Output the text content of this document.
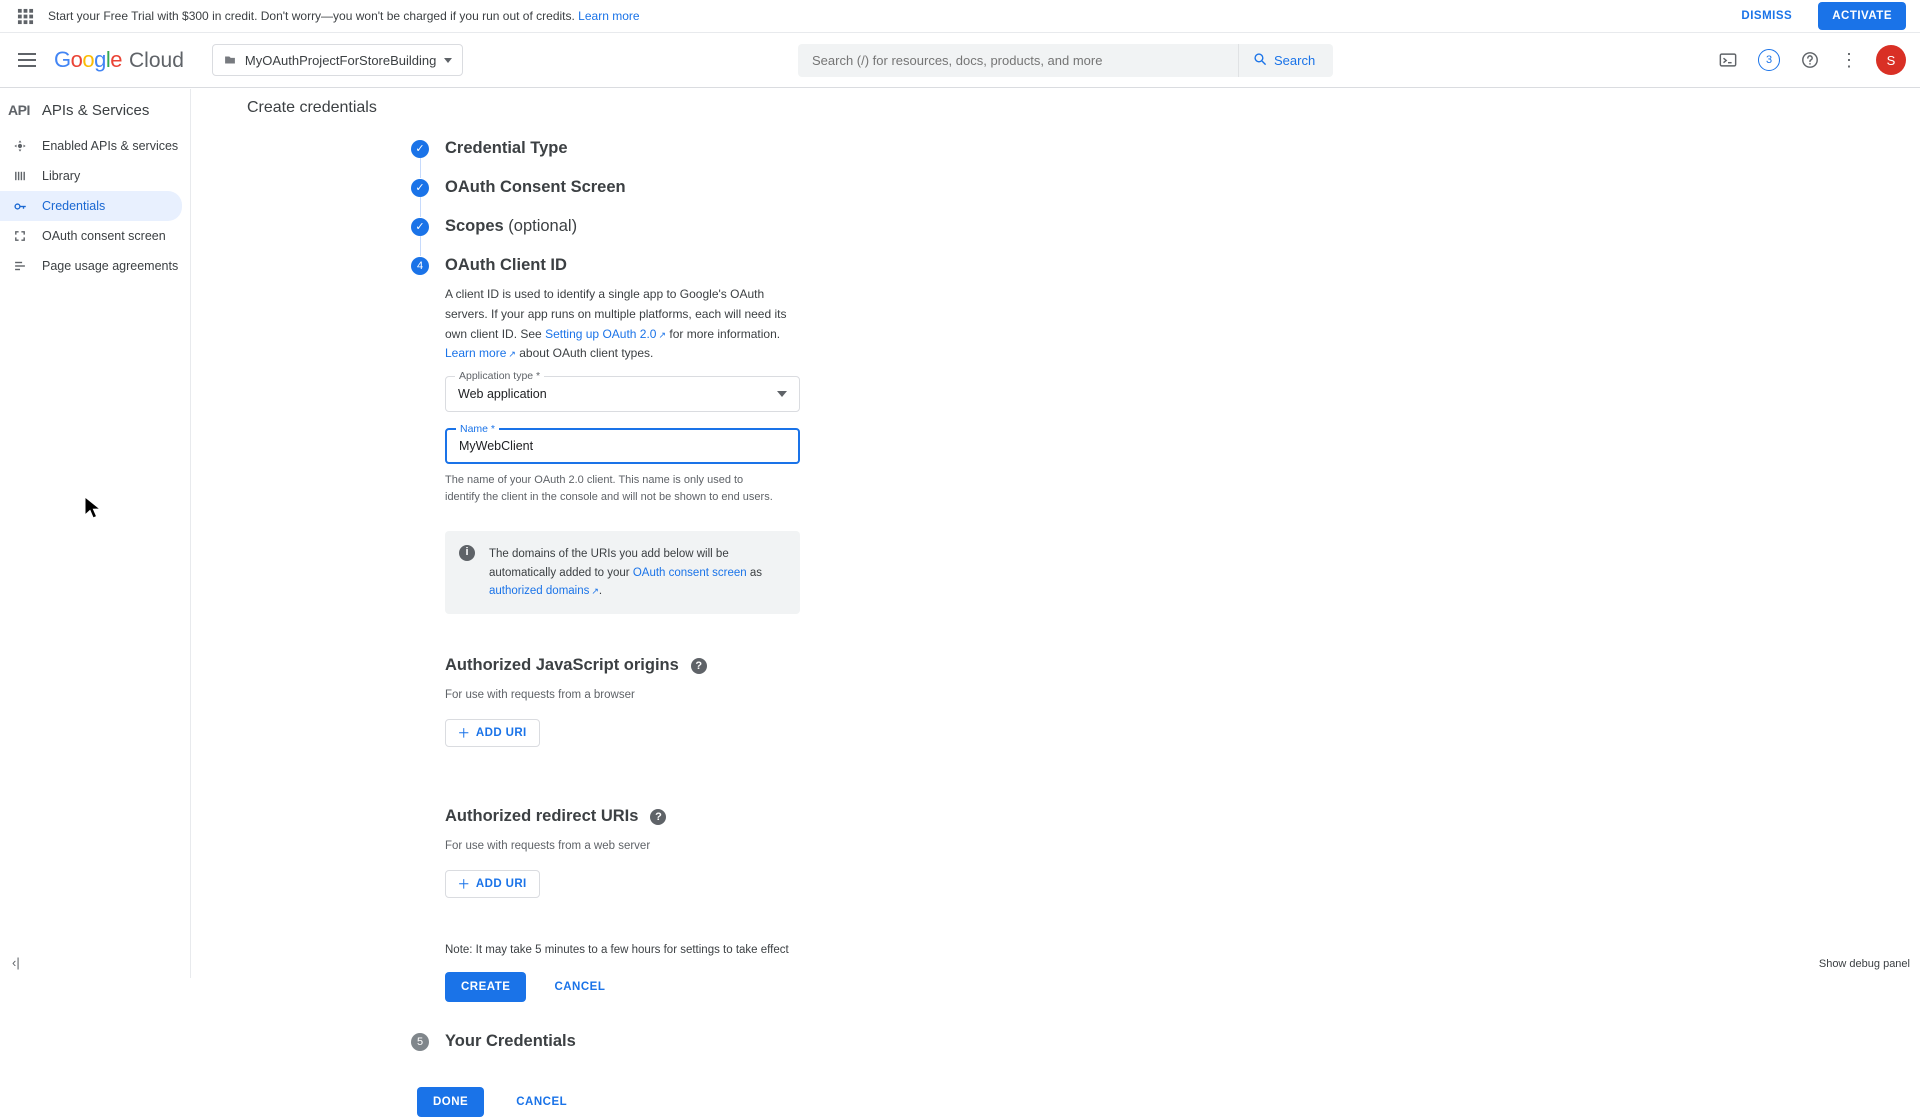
Start your Free Trial with $300 in credit. Don't worry—you won't be charged if you run out of credits. Learn more	DISMISS	ACTIVATE
Google Cloud	MyOAuthProjectForStoreBuilding
Search (/) for resources, docs, products, and more	Search	3	⋮	S
API APIs & Services
Enabled APIs & services
Library
Credentials
OAuth consent screen
Page usage agreements
‹|
Create credentials
✓ Credential Type
✓ OAuth Consent Screen
✓ Scopes (optional)
4	OAuth Client ID

A client ID is used to identify a single app to Google's OAuth servers. If your app runs on multiple platforms, each will need its own client ID. See Setting up OAuth 2.0 ↗ for more information. Learn more ↗ about OAuth client types.

Application type *
Web application
Name *
MyWebClient

The name of your OAuth 2.0 client. This name is only used to identify the client in the console and will not be shown to end users.

i	The domains of the URIs you add below will be automatically added to your OAuth consent screen as authorized domains ↗ .
Authorized JavaScript origins	?
For use with requests from a browser
＋ ADD URI
Authorized redirect URIs	?
For use with requests from a web server
＋ ADD URI
Note: It may take 5 minutes to a few hours for settings to take effect
CREATE	CANCEL
5	Your Credentials
DONE	CANCEL
Show debug panel
